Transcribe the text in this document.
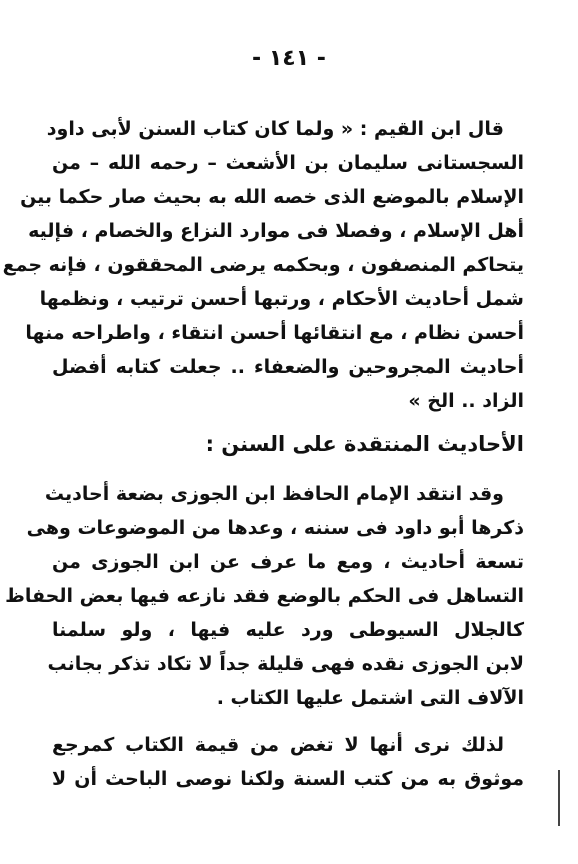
- ١٤١ -
قال ابن القيم : « ولما كان كتاب السنن لأبى داود
السجستانى سليمان بن الأشعث – رحمه الله – من
الإسلام بالموضع الذى خصه الله به بحيث صار حكما بين
أهل الإسلام ، وفصلا فى موارد النزاع والخصام ، فإليه
يتحاكم المنصفون ، وبحكمه يرضى المحققون ، فإنه جمع
شمل أحاديث الأحكام ، ورتبها أحسن ترتيب ، ونظمها
أحسن نظام ، مع انتقائها أحسن انتقاء ، واطراحه منها
أحاديث المجروحين والضعفاء .. جعلت كتابه أفضل
الزاد .. الخ »
الأحاديث المنتقدة على السنن :
وقد انتقد الإمام الحافظ ابن الجوزى بضعة أحاديث
ذكرها أبو داود فى سننه ، وعدها من الموضوعات وهى
تسعة أحاديث ، ومع ما عرف عن ابن الجوزى من
التساهل فى الحكم بالوضع فقد نازعه فيها بعض الحفاظ
كالجلال السيوطى ورد عليه فيها ، ولو سلمنا
لابن الجوزى نقده فهى قليلة جداً لا تكاد تذكر بجانب
الآلاف التى اشتمل عليها الكتاب .
لذلك نرى أنها لا تغض من قيمة الكتاب كمرجع
موثوق به من كتب السنة ولكنا نوصى الباحث أن لا
